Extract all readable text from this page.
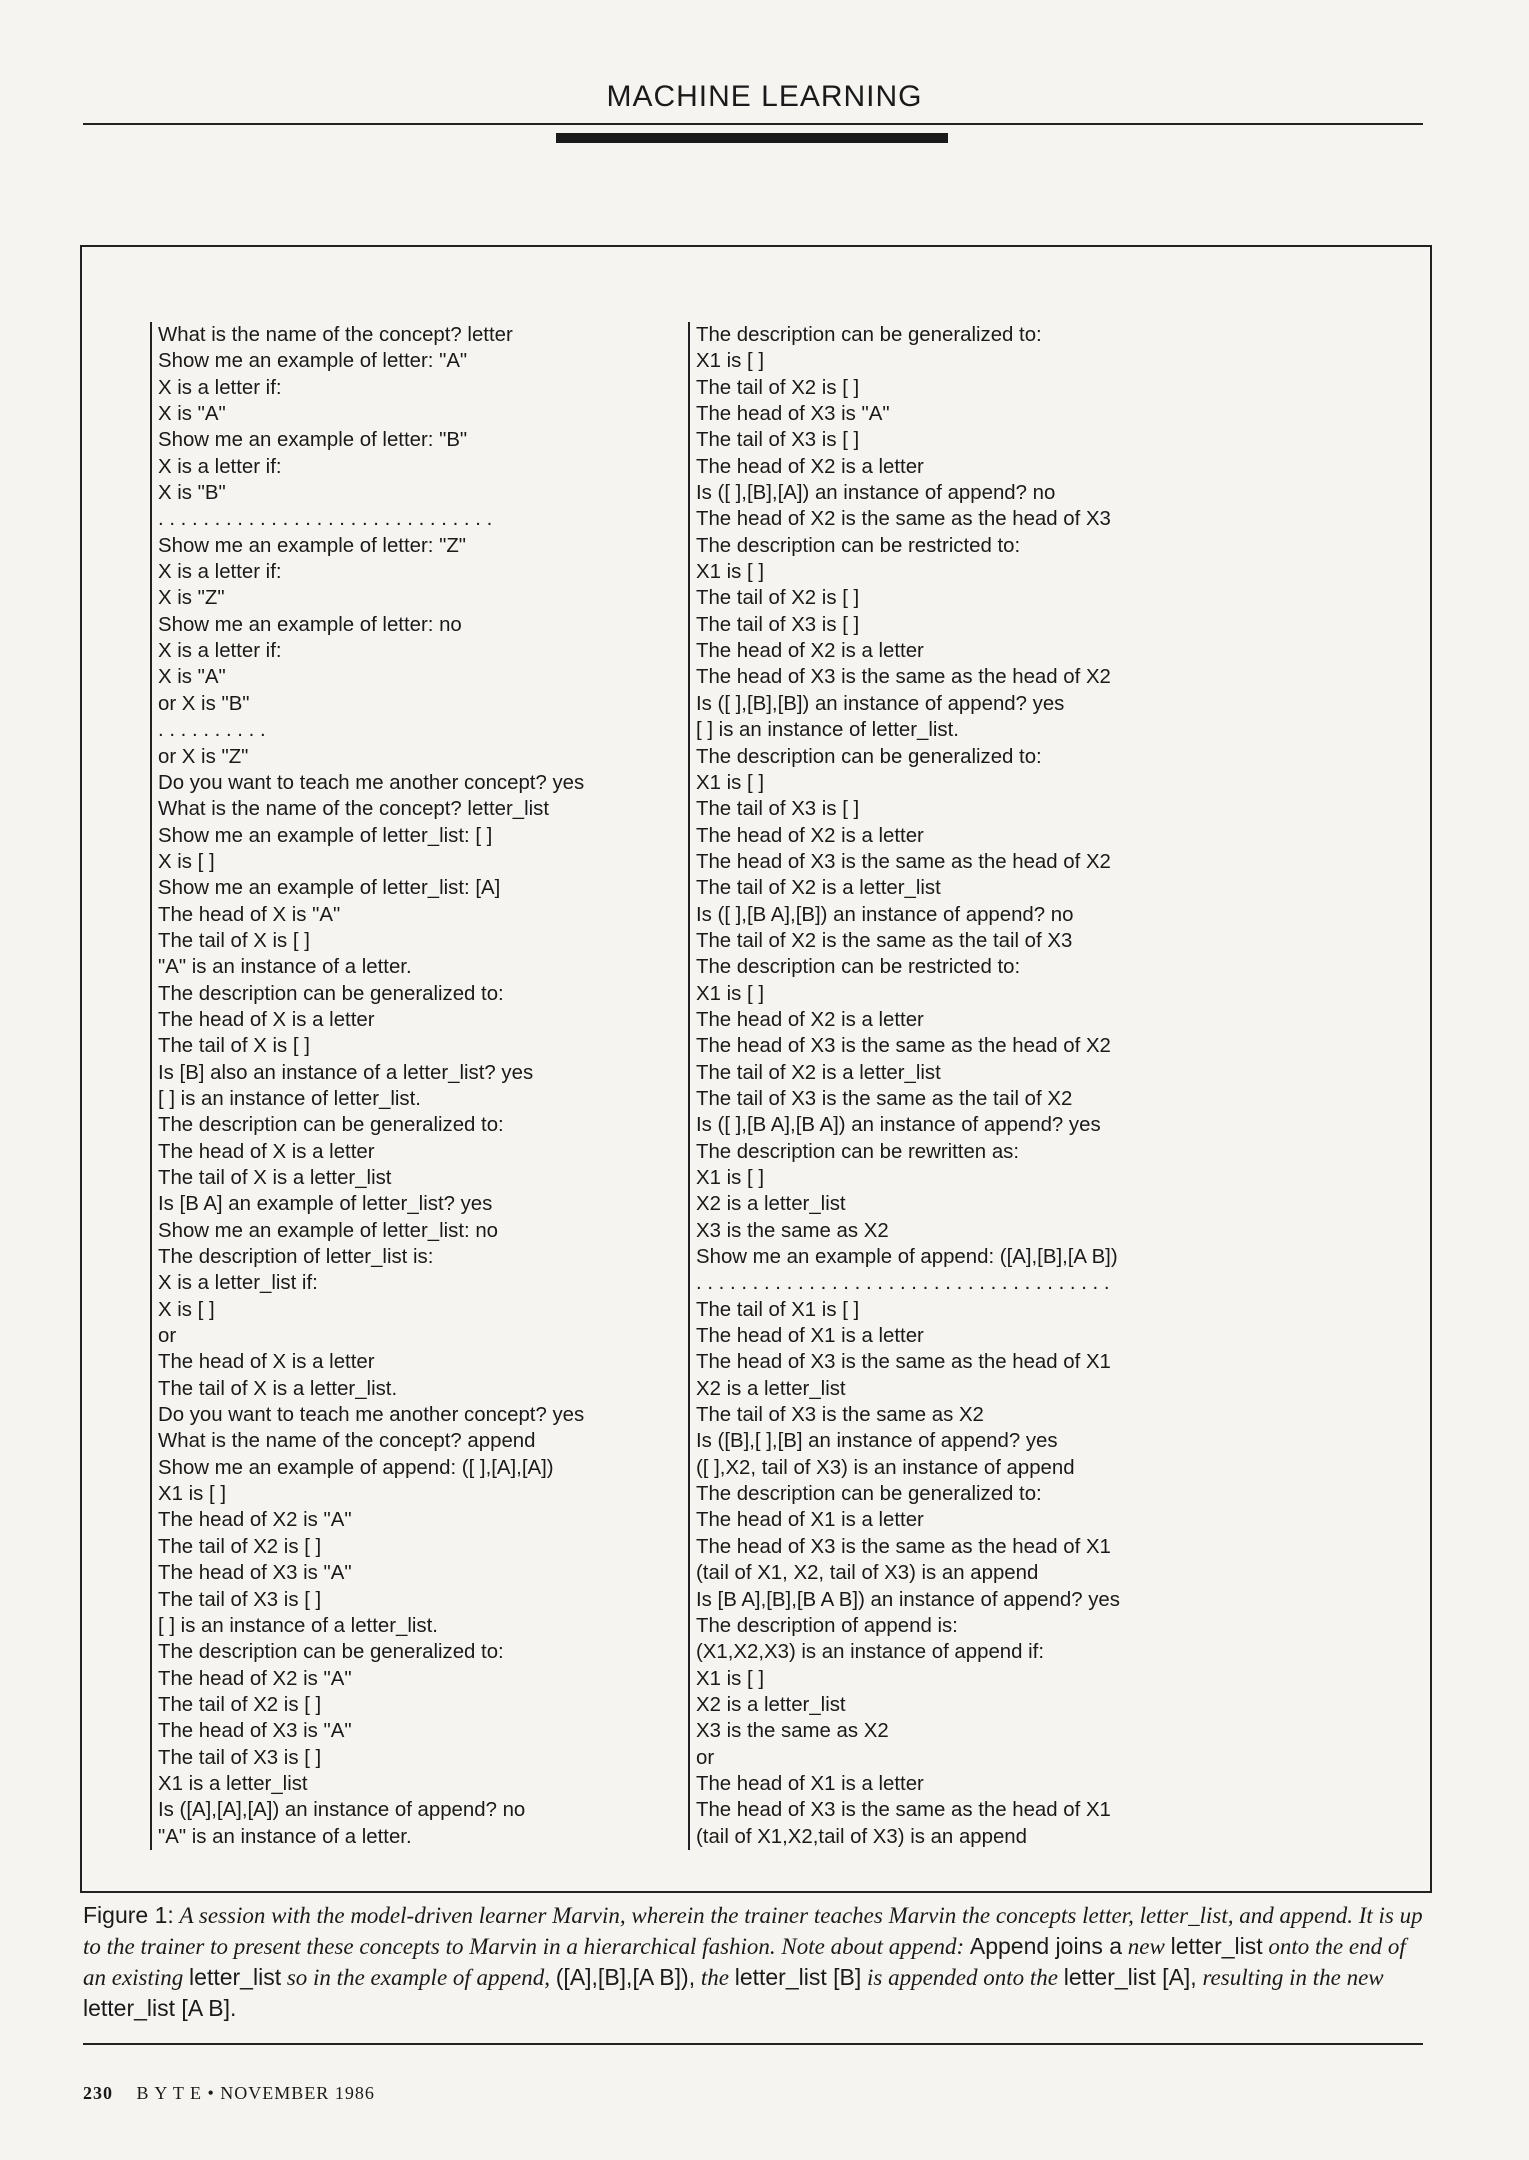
MACHINE LEARNING
What is the name of the concept? letter
Show me an example of letter: "A"
X is a letter if:
X is "A"
Show me an example of letter: "B"
X is a letter if:
X is "B"
. . . . . . . . . . . . . . . . . . . . . . . . . . . . . .
Show me an example of letter: "Z"
X is a letter if:
X is "Z"
Show me an example of letter: no
X is a letter if:
X is "A"
or X is "B"
. . . . . . . . . .
or X is "Z"
Do you want to teach me another concept? yes
What is the name of the concept? letter_list
Show me an example of letter_list: [ ]
X is [ ]
Show me an example of letter_list: [A]
The head of X is "A"
The tail of X is [ ]
"A" is an instance of a letter.
The description can be generalized to:
The head of X is a letter
The tail of X is [ ]
Is [B] also an instance of a letter_list? yes
[ ] is an instance of letter_list.
The description can be generalized to:
The head of X is a letter
The tail of X is a letter_list
Is [B A] an example of letter_list? yes
Show me an example of letter_list: no
The description of letter_list is:
X is a letter_list if:
X is [ ]
or
The head of X is a letter
The tail of X is a letter_list.
Do you want to teach me another concept? yes
What is the name of the concept? append
Show me an example of append: ([ ],[A],[A])
X1 is [ ]
The head of X2 is "A"
The tail of X2 is [ ]
The head of X3 is "A"
The tail of X3 is [ ]
[ ] is an instance of a letter_list.
The description can be generalized to:
The head of X2 is "A"
The tail of X2 is [ ]
The head of X3 is "A"
The tail of X3 is [ ]
X1 is a letter_list
Is ([A],[A],[A]) an instance of append? no
"A" is an instance of a letter.
The description can be generalized to:
X1 is [ ]
The tail of X2 is [ ]
The head of X3 is "A"
The tail of X3 is [ ]
The head of X2 is a letter
Is ([ ],[B],[A]) an instance of append? no
The head of X2 is the same as the head of X3
The description can be restricted to:
X1 is [ ]
The tail of X2 is [ ]
The tail of X3 is [ ]
The head of X2 is a letter
The head of X3 is the same as the head of X2
Is ([ ],[B],[B]) an instance of append? yes
[ ] is an instance of letter_list.
The description can be generalized to:
X1 is [ ]
The tail of X3 is [ ]
The head of X2 is a letter
The head of X3 is the same as the head of X2
The tail of X2 is a letter_list
Is ([ ],[B A],[B]) an instance of append? no
The tail of X2 is the same as the tail of X3
The description can be restricted to:
X1 is [ ]
The head of X2 is a letter
The head of X3 is the same as the head of X2
The tail of X2 is a letter_list
The tail of X3 is the same as the tail of X2
Is ([ ],[B A],[B A]) an instance of append? yes
The description can be rewritten as:
X1 is [ ]
X2 is a letter_list
X3 is the same as X2
Show me an example of append: ([A],[B],[A B])
. . . . . . . . . . . . . . . . . . . . . . . . . . . . . . . . . . . . .
The tail of X1 is [ ]
The head of X1 is a letter
The head of X3 is the same as the head of X1
X2 is a letter_list
The tail of X3 is the same as X2
Is ([B],[ ],[B] an instance of append? yes
([ ],X2, tail of X3) is an instance of append
The description can be generalized to:
The head of X1 is a letter
The head of X3 is the same as the head of X1
(tail of X1, X2, tail of X3) is an append
Is [B A],[B],[B A B]) an instance of append? yes
The description of append is:
(X1,X2,X3) is an instance of append if:
X1 is [ ]
X2 is a letter_list
X3 is the same as X2
or
The head of X1 is a letter
The head of X3 is the same as the head of X1
(tail of X1,X2,tail of X3) is an append
Figure 1: A session with the model-driven learner Marvin, wherein the trainer teaches Marvin the concepts letter, letter_list, and append. It is up to the trainer to present these concepts to Marvin in a hierarchical fashion. Note about append: Append joins a new letter_list onto the end of an existing letter_list so in the example of append, ([A],[B],[A B]), the letter_list [B] is appended onto the letter_list [A], resulting in the new letter_list [A B].
230 B Y T E • NOVEMBER 1986
